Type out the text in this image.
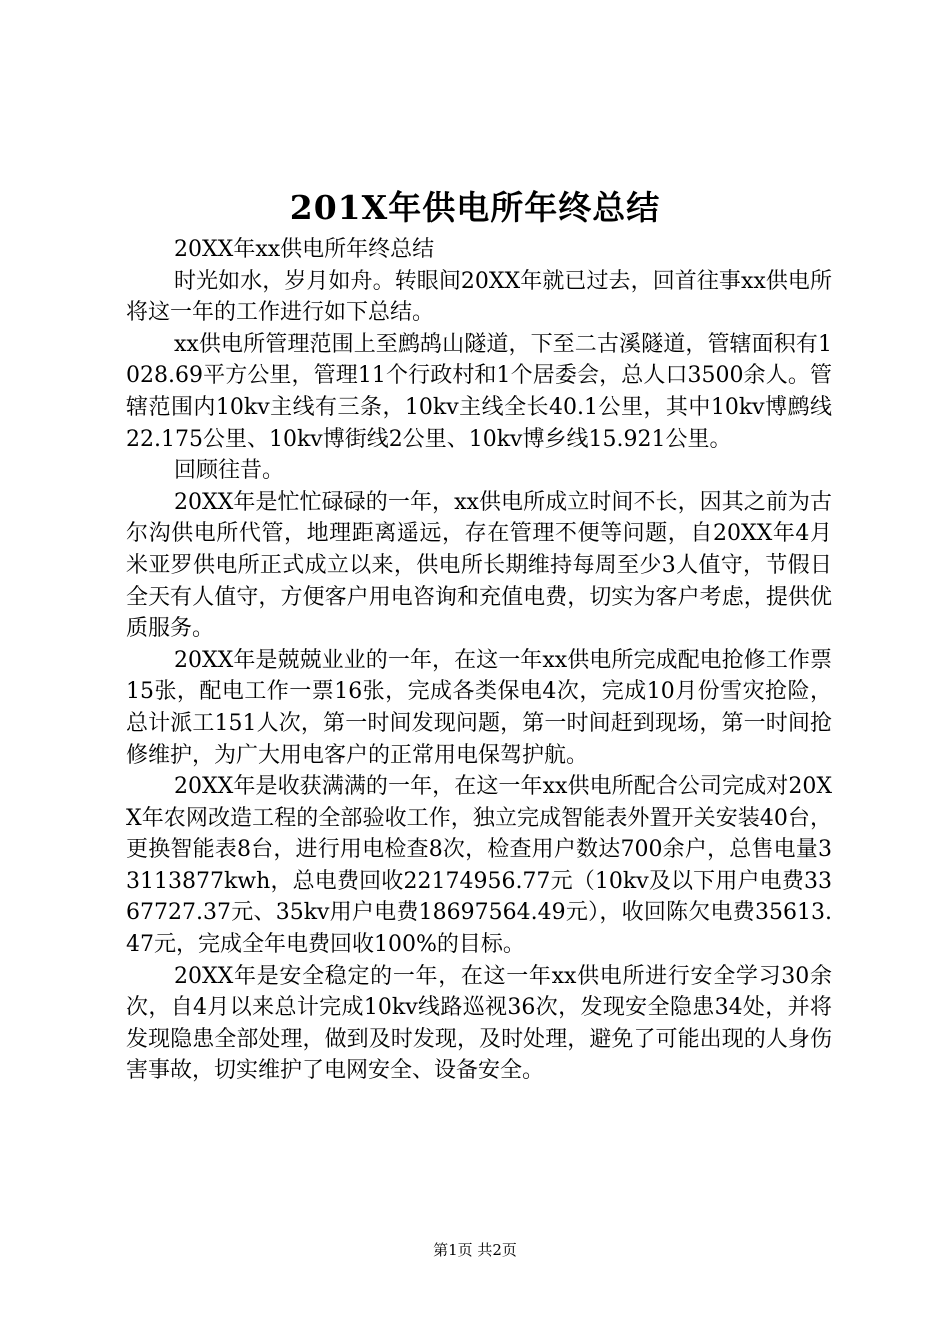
201X年供电所年终总结

20XX年xx供电所年终总结

时光如水，岁月如舟。转眼间20XX年就已过去，回首往事xx供电所将这一年的工作进行如下总结。

xx供电所管理范围上至鹧鸪山隧道，下至二古溪隧道，管辖面积有1028.69平方公里，管理11个行政村和1个居委会，总人口3500余人。管辖范围内10kv主线有三条，10kv主线全长40.1公里，其中10kv博鹧线22.175公里、10kv博街线2公里、10kv博乡线15.921公里。

回顾往昔。

20XX年是忙忙碌碌的一年，xx供电所成立时间不长，因其之前为古尔沟供电所代管，地理距离遥远，存在管理不便等问题，自20XX年4月米亚罗供电所正式成立以来，供电所长期维持每周至少3人值守，节假日全天有人值守，方便客户用电咨询和充值电费，切实为客户考虑，提供优质服务。

20XX年是兢兢业业的一年，在这一年xx供电所完成配电抢修工作票15张，配电工作一票16张，完成各类保电4次，完成10月份雪灾抢险，总计派工151人次，第一时间发现问题，第一时间赶到现场，第一时间抢修维护，为广大用电客户的正常用电保驾护航。

20XX年是收获满满的一年，在这一年xx供电所配合公司完成对20XX年农网改造工程的全部验收工作，独立完成智能表外置开关安装40台，更换智能表8台，进行用电检查8次，检查用户数达700余户，总售电量33113877kwh，总电费回收22174956.77元（10kv及以下用户电费3367727.37元、35kv用户电费18697564.49元），收回陈欠电费35613.47元，完成全年电费回收100%的目标。

20XX年是安全稳定的一年，在这一年xx供电所进行安全学习30余次，自4月以来总计完成10kv线路巡视36次，发现安全隐患34处，并将发现隐患全部处理，做到及时发现，及时处理，避免了可能出现的人身伤害事故，切实维护了电网安全、设备安全。

第1页 共2页
